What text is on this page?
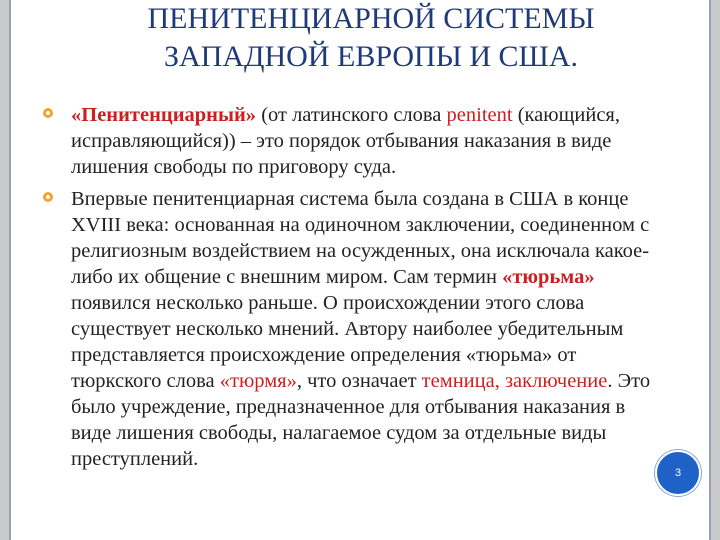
ПЕНИТЕНЦИАРНОЙ СИСТЕМЫ
ЗАПАДНОЙ ЕВРОПЫ И США.
«Пенитенциарный» (от латинского слова penitent (кающийся, исправляющийся)) – это порядок отбывания наказания в виде лишения свободы по приговору суда.
Впервые пенитенциарная система была создана в США в конце XVIII века: основанная на одиночном заключении, соединенном с религиозным воздействием на осужденных, она исключала какое-либо их общение с внешним миром. Сам термин «тюрьма» появился несколько раньше. О происхождении этого слова существует несколько мнений. Автору наиболее убедительным представляется происхождение определения «тюрьма» от тюркского слова «тюрмя», что означает темница, заключение. Это было учреждение, предназначенное для отбывания наказания в виде лишения свободы, налагаемое судом за отдельные виды преступлений.
3
